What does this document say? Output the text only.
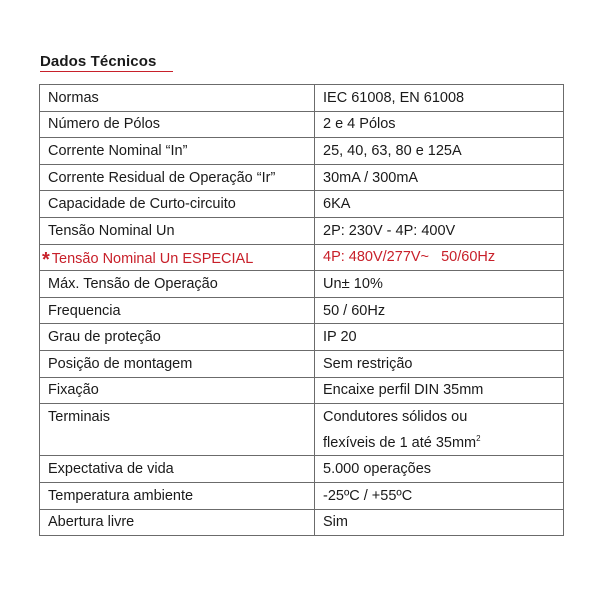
Dados Técnicos
Normas	IEC 61008, EN 61008
Número de Pólos	2 e 4 Pólos
Corrente Nominal “In”	25, 40, 63, 80 e 125A
Corrente Residual de Operação “Ir”	30mA / 300mA
Capacidade de Curto-circuito	6KA
Tensão Nominal Un	2P: 230V - 4P: 400V
* Tensão Nominal Un ESPECIAL	4P: 480V/277V~   50/60Hz
Máx. Tensão de Operação	Un± 10%
Frequencia	50 / 60Hz
Grau de proteção	IP 20
Posição de montagem	Sem restrição
Fixação	Encaixe perfil DIN 35mm
Terminais	Condutores sólidos ou
	flexíveis de 1 até $35mm^2$
Expectativa de vida	5.000 operações
Temperatura ambiente	-25ºC / +55ºC
Abertura livre	Sim
